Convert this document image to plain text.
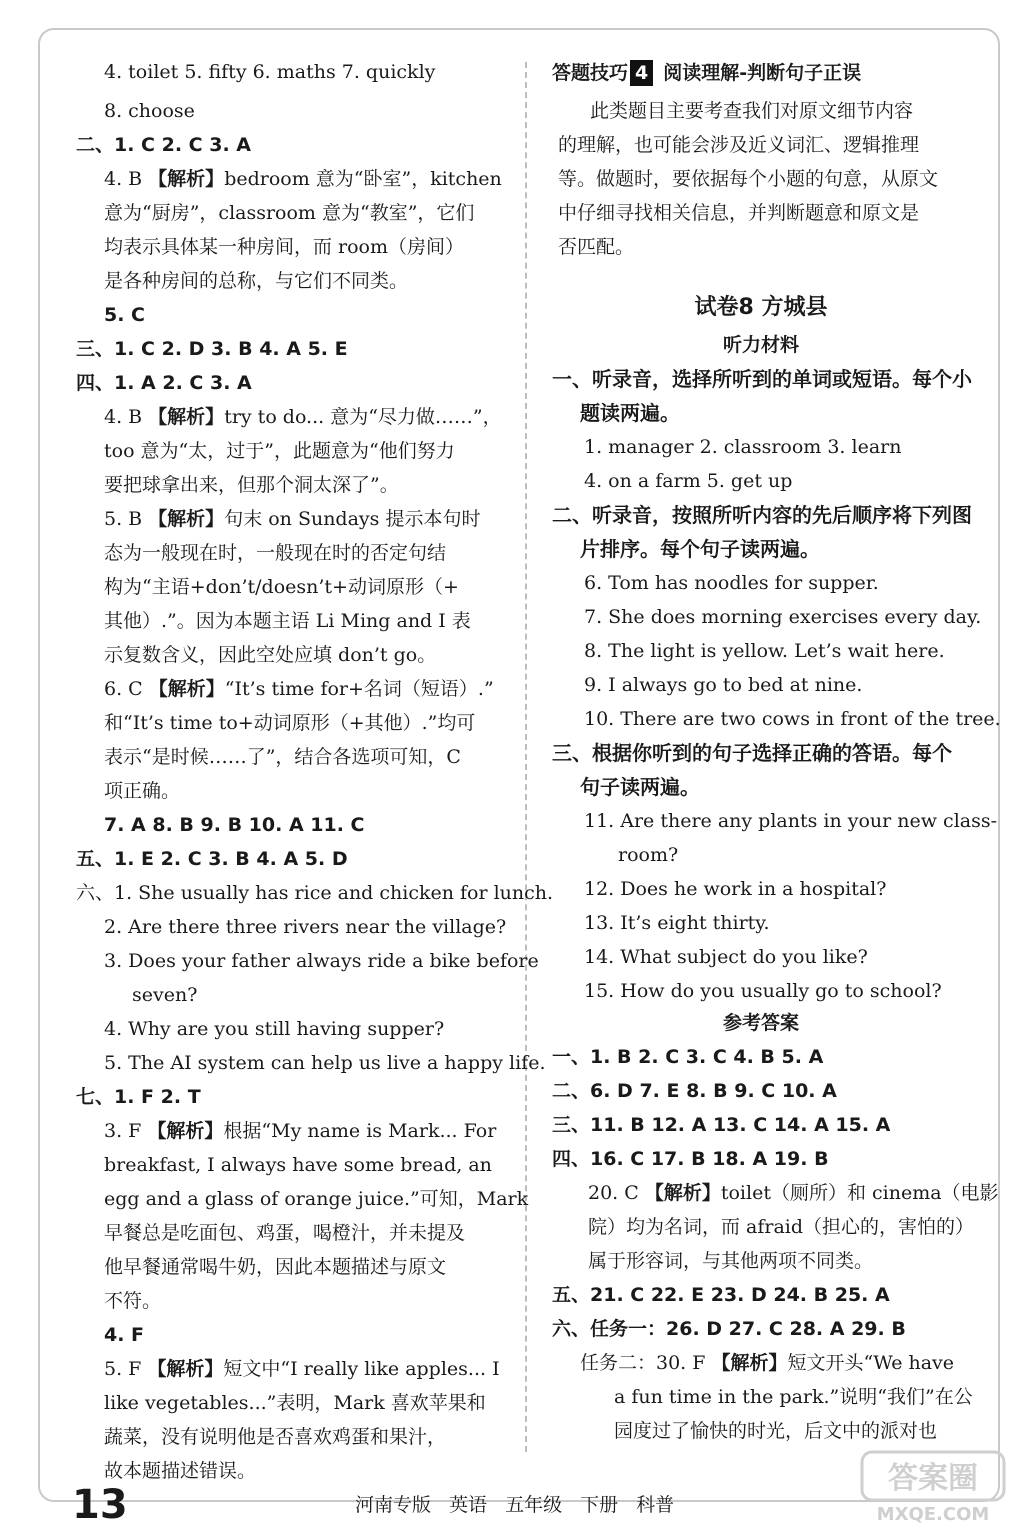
4. toilet 5. fifty 6. maths 7. quickly
8. choose
二、1. C 2. C 3. A
4. B 【解析】bedroom 意为“卧室”，kitchen
意为“厨房”，classroom 意为“教室”，它们
均表示具体某一种房间，而 room（房间）
是各种房间的总称，与它们不同类。
5. C
三、1. C 2. D 3. B 4. A 5. E
四、1. A 2. C 3. A
4. B 【解析】try to do... 意为“尽力做……”，
too 意为“太，过于”，此题意为“他们努力
要把球拿出来，但那个洞太深了”。
5. B 【解析】句末 on Sundays 提示本句时
态为一般现在时，一般现在时的否定句结
构为“主语+don’t/doesn’t+动词原形（+
其他）.”。因为本题主语 Li Ming and I 表
示复数含义，因此空处应填 don’t go。
6. C 【解析】“It’s time for+名词（短语）.”
和“It’s time to+动词原形（+其他）.”均可
表示“是时候……了”，结合各选项可知，C
项正确。
7. A 8. B 9. B 10. A 11. C
五、1. E 2. C 3. B 4. A 5. D
六、1. She usually has rice and chicken for lunch.
2. Are there three rivers near the village?
3. Does your father always ride a bike before
seven?
4. Why are you still having supper?
5. The AI system can help us live a happy life.
七、1. F 2. T
3. F 【解析】根据“My name is Mark... For
breakfast, I always have some bread, an
egg and a glass of orange juice.”可知，Mark
早餐总是吃面包、鸡蛋，喝橙汁，并未提及
他早餐通常喝牛奶，因此本题描述与原文
不符。
4. F
5. F 【解析】短文中“I really like apples... I
like vegetables...”表明，Mark 喜欢苹果和
蔬菜，没有说明他是否喜欢鸡蛋和果汁，
故本题描述错误。
答题技巧 4 阅读理解-判断句子正误
此类题目主要考查我们对原文细节内容
的理解，也可能会涉及近义词汇、逻辑推理
等。做题时，要依据每个小题的句意，从原文
中仔细寻找相关信息，并判断题意和原文是
否匹配。
试卷8 方城县
听力材料
一、听录音，选择所听到的单词或短语。每个小
题读两遍。
1. manager 2. classroom 3. learn
4. on a farm 5. get up
二、听录音，按照所听内容的先后顺序将下列图
片排序。每个句子读两遍。
6. Tom has noodles for supper.
7. She does morning exercises every day.
8. The light is yellow. Let’s wait here.
9. I always go to bed at nine.
10. There are two cows in front of the tree.
三、根据你听到的句子选择正确的答语。每个
句子读两遍。
11. Are there any plants in your new class-
room?
12. Does he work in a hospital?
13. It’s eight thirty.
14. What subject do you like?
15. How do you usually go to school?
参考答案
一、1. B 2. C 3. C 4. B 5. A
二、6. D 7. E 8. B 9. C 10. A
三、11. B 12. A 13. C 14. A 15. A
四、16. C 17. B 18. A 19. B
20. C 【解析】toilet（厕所）和 cinema（电影
院）均为名词，而 afraid（担心的，害怕的）
属于形容词，与其他两项不同类。
五、21. C 22. E 23. D 24. B 25. A
六、任务一：26. D 27. C 28. A 29. B
任务二：30. F 【解析】短文开头“We have
a fun time in the park.”说明“我们”在公
园度过了愉快的时光，后文中的派对也
13	河南专版 英语 五年级 下册 科普
答案圈
MXQE.COM
